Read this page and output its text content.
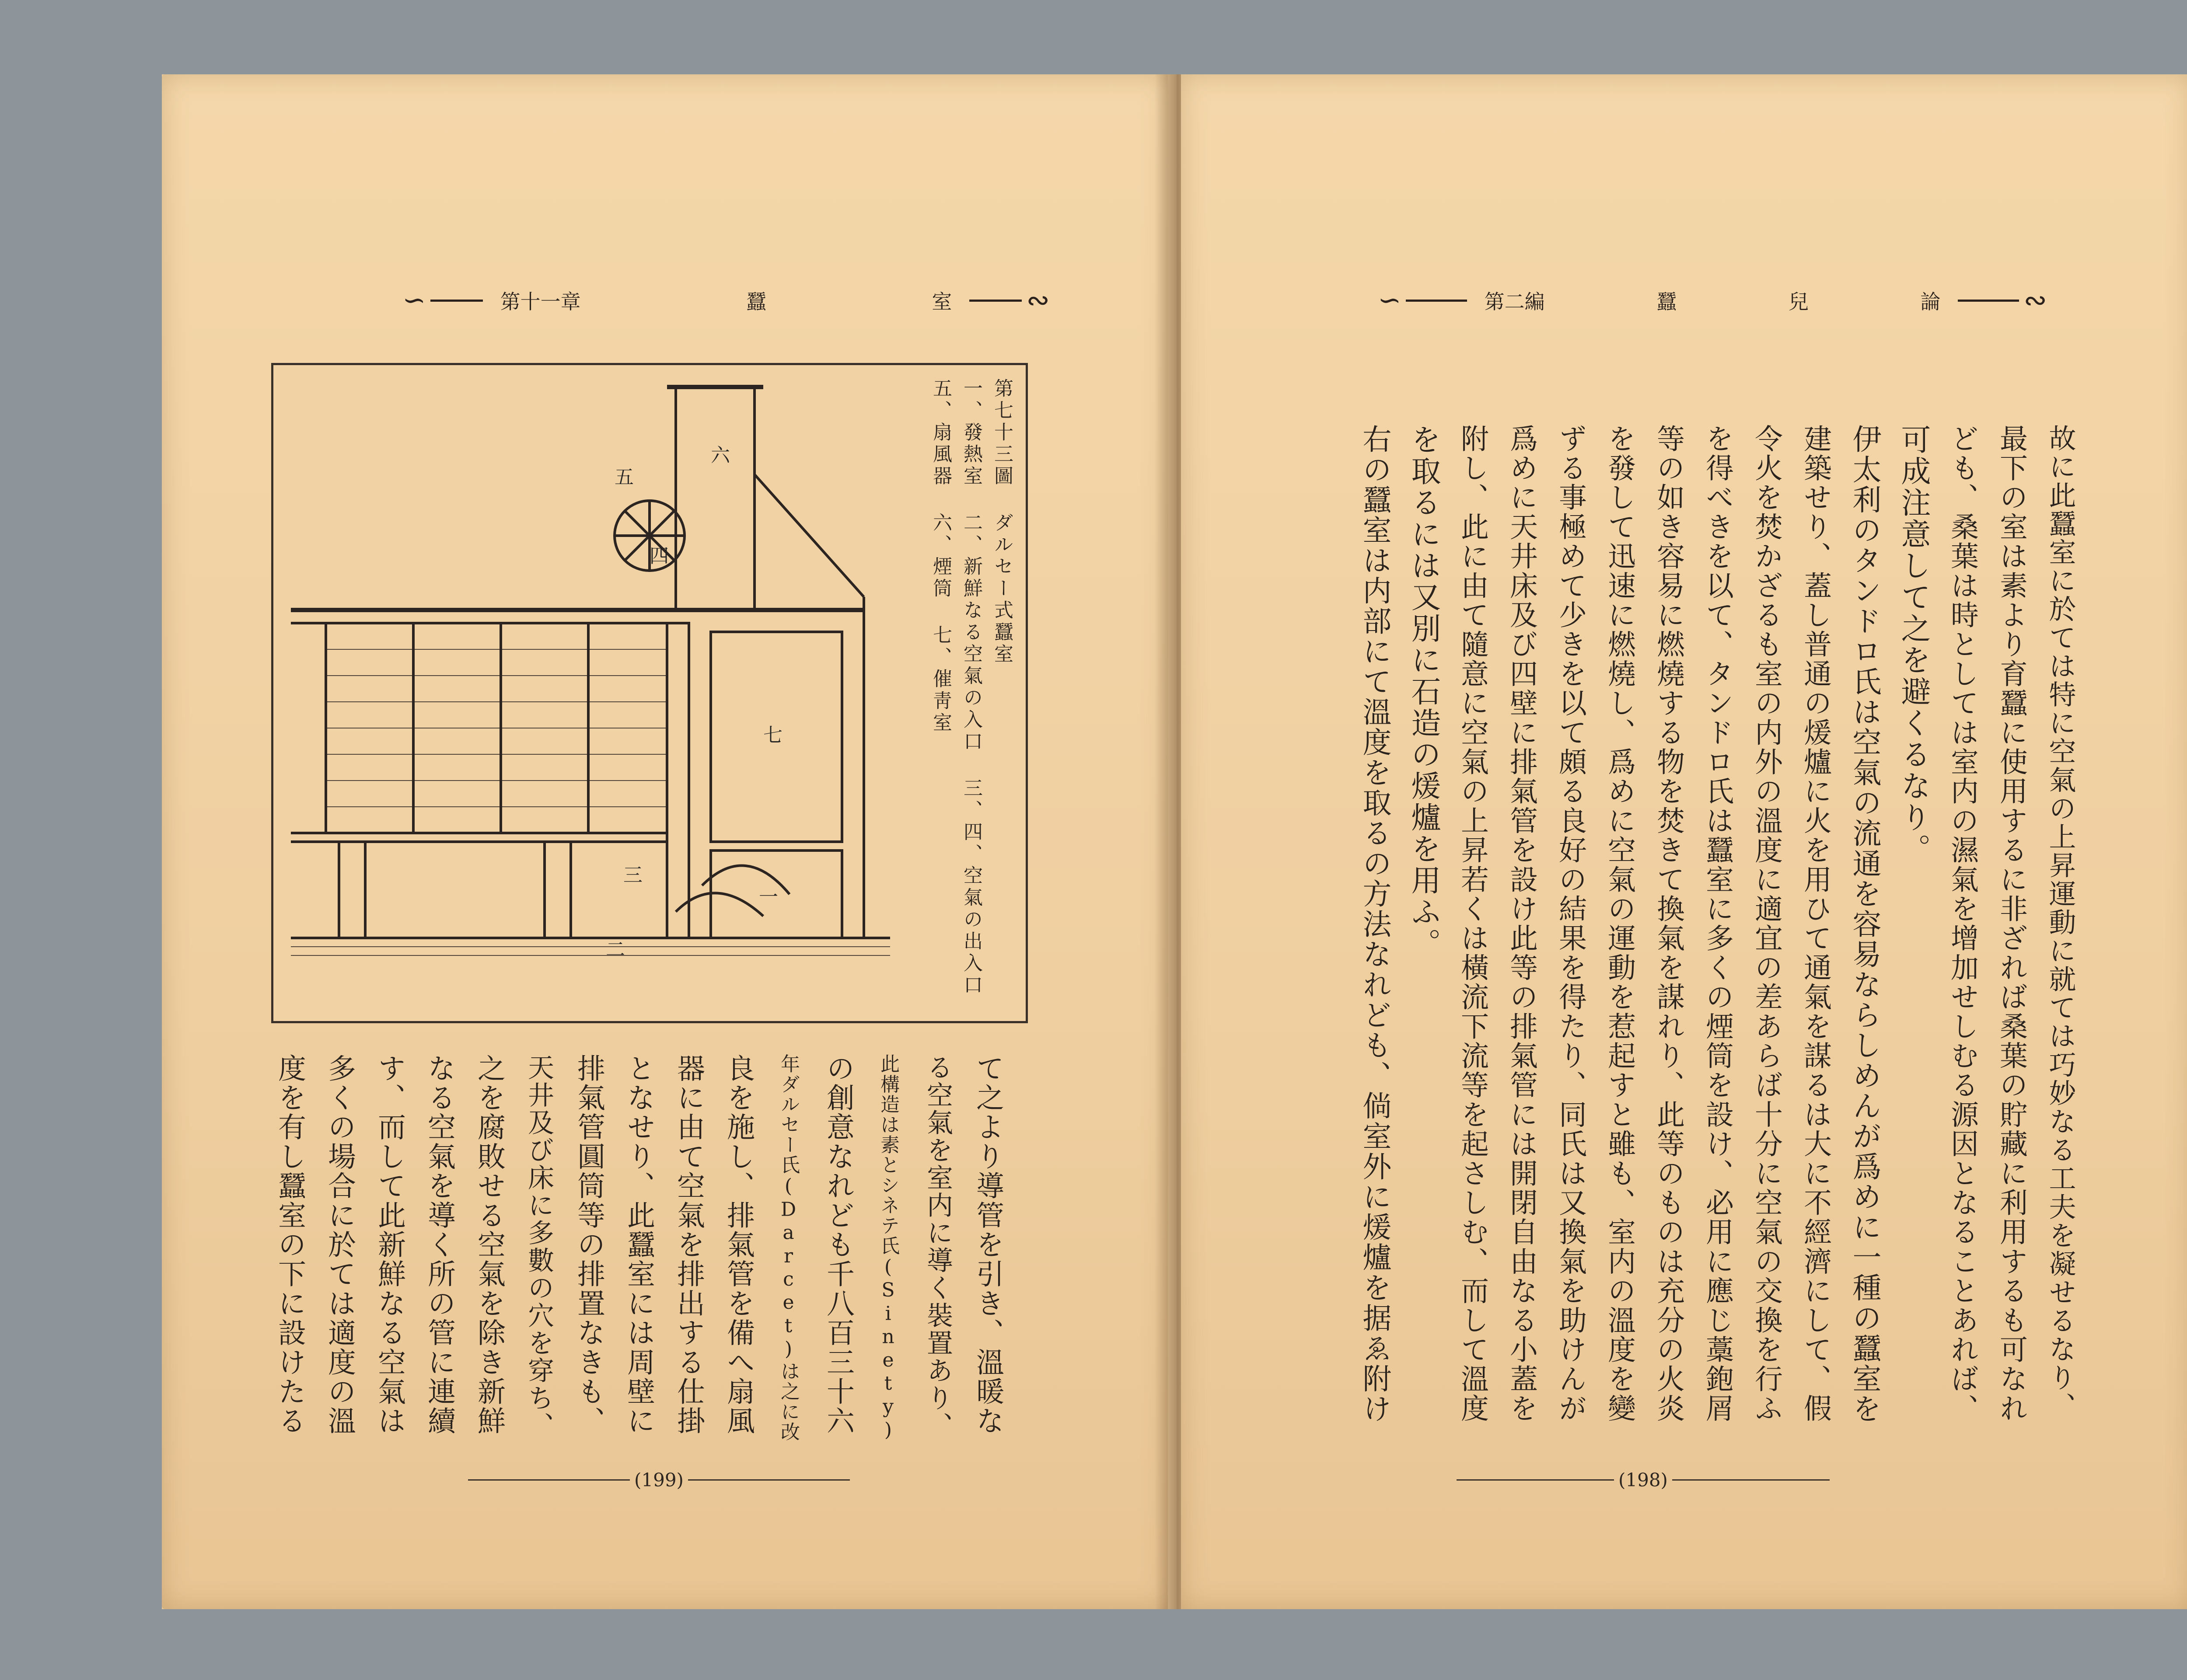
∽	第十一章	蠶	室	∾
六
五
七
一
二
三
四	第七十三圖 ダルセー式蠶室
一、發熱室 二、新鮮なる空氣の入口 三、四、空氣の出入口
五、扇風器 六、煙筒 七、催靑室
て之より導管を引き、溫暖な
る空氣を室内に導く裝置あり、
此構造は素とシネテ氏(Sinety)
の創意なれども千八百三十六
年ダルセー氏(Darcet)は之に改
良を施し、排氣管を備へ扇風
器に由て空氣を排出する仕掛
となせり、此蠶室には周壁に
排氣管圓筒等の排置なきも、
天井及び床に多數の穴を穿ち、
之を腐敗せる空氣を除き新鮮
なる空氣を導く所の管に連續
す、而して此新鮮なる空氣は
多くの場合に於ては適度の溫
度を有し蠶室の下に設けたる
(199)
∽	第二編	蠶	兒	論	∾
故に此蠶室に於ては特に空氣の上昇運動に就ては巧妙なる工夫を凝せるなり、
最下の室は素より育蠶に使用するに非ざれば桑葉の貯藏に利用するも可なれ
ども、桑葉は時としては室内の濕氣を增加せしむる源因となることあれば、
可成注意して之を避くるなり。
伊太利のタンドロ氏は空氣の流通を容易ならしめんが爲めに一種の蠶室を
建築せり、蓋し普通の煖爐に火を用ひて通氣を謀るは大に不經濟にして、假
令火を焚かざるも室の内外の溫度に適宜の差あらば十分に空氣の交換を行ふ
を得べきを以て、タンドロ氏は蠶室に多くの煙筒を設け、必用に應じ藁鉋屑
等の如き容易に燃燒する物を焚きて換氣を謀れり、此等のものは充分の火炎
を發して迅速に燃燒し、爲めに空氣の運動を惹起すと雖も、室内の溫度を變
ずる事極めて少きを以て頗る良好の結果を得たり、同氏は又換氣を助けんが
爲めに天井床及び四壁に排氣管を設け此等の排氣管には開閉自由なる小蓋を
附し、此に由て隨意に空氣の上昇若くは橫流下流等を起さしむ、而して溫度
を取るには又別に石造の煖爐を用ふ。
右の蠶室は内部にて溫度を取るの方法なれども、倘室外に煖爐を据ゑ附け
(198)
